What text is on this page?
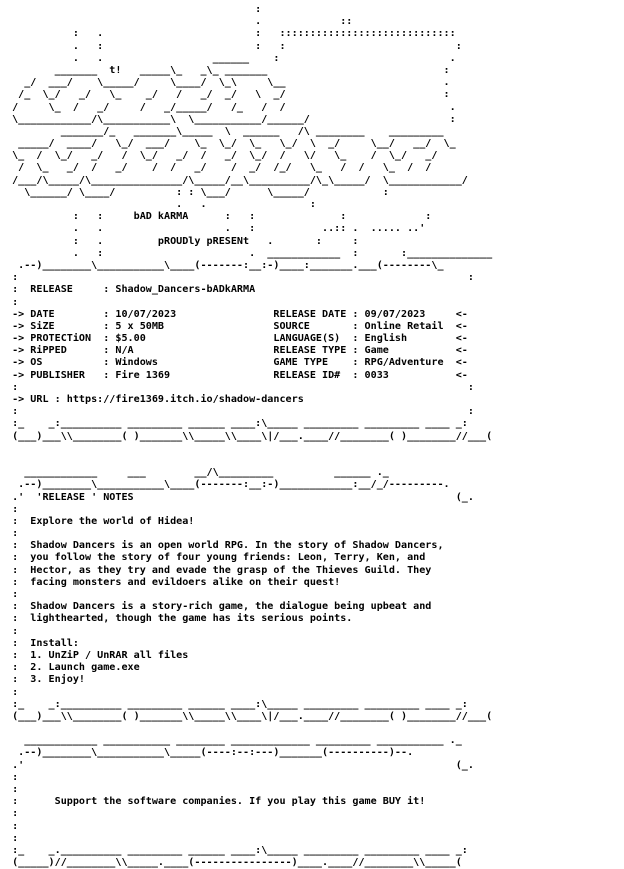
:
.             ::
:   .                         :   :::::::::::::::::::::::::::::
.   :                         :   :                            :
.   .                  ______    :                            .
_______  t!   _____\_   _\_ _______                             :
_/  ___/    \_____/     \____/  \_\     \__                          .
/_  \_/   _/   \_    _/   /   _/  _/   \  _/                          :
/     \_  /   _/     /   _/_____/   /_   /  /                           .
\____________/\___________\  \___________/______/                       :
_______/_   _______\_____  \  ______   /\ ________    _________
_____/  ____/   \_/  ___/    \_  \_/  \_   \_/  \  _/     \__/   __/  \_
\_  /  \_/   _/   /  \_/   _/  /   _/  \_/  /   \/   \_    /  \_/   _/
/  \_   _/  /   _/    /  /   _/    /  _/  /_/   \_   /  /   \_  /  /
/___/\_____/\_______________/\_____/__\__________/\_\_____/  \____________/
\______/ \____/          : : \___/      \_____/            :
.   .                 :
:   :     bAD kARMA      :   :              :             :
.   .                    .   :           ..:: .  ..... ..'
:   .         pROUDly pRESENt   .       :     :
.   :                        .  ____________  :       :______________
.--)________\___________\____(-------:__:-)____:_______.___(--------\_
:                                                                          :
:  RELEASE     : Shadow_Dancers-bADkARMA
:
-> DATE        : 10/07/2023                RELEASE DATE : 09/07/2023     <-
-> SiZE        : 5 x 50MB                  SOURCE       : Online Retail  <-
-> PROTECTiON  : $5.00                     LANGUAGE(S)  : English        <-
-> RiPPED      : N/A                       RELEASE TYPE : Game           <-
-> OS          : Windows                   GAME TYPE    : RPG/Adventure  <-
-> PUBLISHER   : Fire 1369                 RELEASE ID#  : 0033           <-
:                                                                          :
-> URL : https://fire1369.itch.io/shadow-dancers
:                                                                          :
:_    _:__________ _________ ______ ____:\_____ _________ _________ ____ _:
(___)___\\________( )_______\\_____\\____\|/___.____//________( )________//___(
____________     ___        __/\_________          ______ ._
.--)________\___________\____(-------:__:-)____________:__/_/---------.
.'  'RELEASE ' NOTES                                                     (_.
:
:  Explore the world of Hidea!
:
:  Shadow Dancers is an open world RPG. In the story of Shadow Dancers,
:  you follow the story of four young friends: Leon, Terry, Ken, and
:  Hector, as they try and evade the grasp of the Thieves Guild. They
:  facing monsters and evildoers alike on their quest!
:
:  Shadow Dancers is a story-rich game, the dialogue being upbeat and
:  lighthearted, though the game has its serious points.
:
:  Install:
:  1. UnZiP / UnRAR all files
:  2. Launch game.exe
:  3. Enjoy!
:
:_    _:__________ _________ ______ ____:\_____ _________ _________ ____ _:
(___)___\\________( )_______\\_____\\____\|/___.____//________( )________//___(
____________ ___________ ________ _____________ _________ ___________ ._
.--)________\___________\_____(----:--:---)_______(----------)--.
.'                                                                       (_.
:
:
:      Support the software companies. If you play this game BUY it!
:
:
:
:_    _.__________ _________ ______ ____:\_____ _________ _________ ____ _:
(_____)//________\\_____.____(----------------)____.____//________\\_____(
